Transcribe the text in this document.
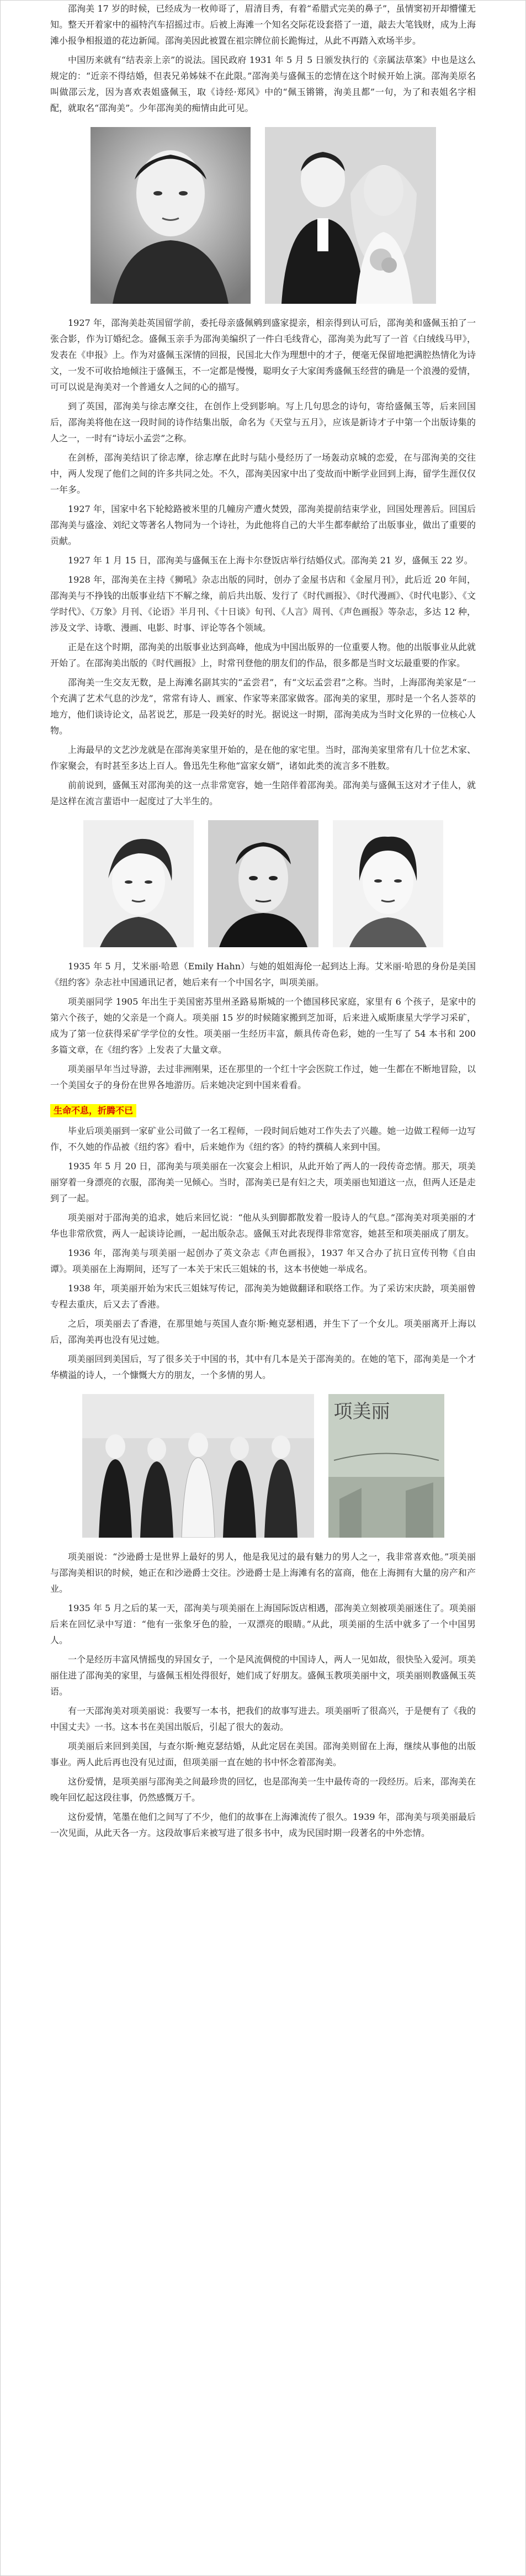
邵洵美 17 岁的时候，已经成为一枚帅哥了，眉清目秀，有着“希腊式完美的鼻子”，虽情窦初开却懵懂无知。整天开着家中的福特汽车招摇过市。后被上海滩一个知名交际花设套搭了一道，敲去大笔钱财，成为上海滩小报争相报道的花边新闻。邵洵美因此被置在祖宗牌位前长跪悔过，从此不再踏入欢场半步。

中国历来就有“结表亲上亲”的说法。国民政府 1931 年 5 月 5 日颁发执行的《亲属法草案》中也是这么规定的：“近亲不得结婚，但表兄弟姊妹不在此限。”邵洵美与盛佩玉的恋情在这个时候开始上演。邵洵美原名叫做邵云龙，因为喜欢表姐盛佩玉，取《诗经·郑风》中的“佩玉锵锵，洵美且都”一句，为了和表姐名字相配，就取名“邵洵美”。少年邵洵美的痴情由此可见。

1927 年，邵洵美赴英国留学前，委托母亲盛佩鹓到盛家提亲，相亲得到认可后，邵洵美和盛佩玉拍了一张合影，作为订婚纪念。盛佩玉亲手为邵洵美编织了一件白毛线背心，邵洵美为此写了一首《白绒线马甲》，发表在《申报》上。作为对盛佩玉深情的回报，民国北大作为理想中的才子，便毫无保留地把满腔热情化为诗文，一发不可收拾地倾注于盛佩玉，不一定都是慢慢，聪明女子大家闺秀盛佩玉经营的确是一个浪漫的爱情，可可以说是洵美对一个普通女人之间的心的描写。

到了英国，邵洵美与徐志摩交往，在创作上受到影响。写上几句思念的诗句，寄给盛佩玉等，后来回国后，邵洵美将他在这一段时间的诗作结集出版，命名为《天堂与五月》，应该是新诗才子中第一个出版诗集的人之一，一时有“诗坛小孟尝”之称。

在剑桥，邵洵美结识了徐志摩，徐志摩在此时与陆小曼经历了一场轰动京城的恋爱，在与邵洵美的交往中，两人发现了他们之间的许多共同之处。不久，邵洵美因家中出了变故而中断学业回到上海，留学生涯仅仅一年多。

1927 年，国家中名下轮鲶路被米里的几幢房产遭火焚毁，邵洵美提前结束学业，回国处理善后。回国后邵洵美与盛淦、刘纪文等著名人物同为一个诗社，为此他将自己的大半生都奉献给了出版事业，做出了重要的贡献。

1927 年 1 月 15 日，邵洵美与盛佩玉在上海卡尔登饭店举行结婚仪式。邵洵美 21 岁，盛佩玉 22 岁。

1928 年，邵洵美在主持《狮吼》杂志出版的同时，创办了金屋书店和《金屋月刊》，此后近 20 年间，邵洵美与不挣钱的出版事业结下不解之缘，前后共出版、发行了《时代画报》、《时代漫画》、《时代电影》、《文学时代》、《万象》月刊、《论语》半月刊、《十日谈》旬刊、《人言》周刊、《声色画报》等杂志，多达 12 种，涉及文学、诗歌、漫画、电影、时事、评论等各个领域。

正是在这个时期，邵洵美的出版事业达到高峰，他成为中国出版界的一位重要人物。他的出版事业从此就开始了。在邵洵美出版的《时代画报》上，时常刊登他的朋友们的作品，很多都是当时文坛最重要的作家。

邵洵美一生交友无数，是上海滩名副其实的“孟尝君”，有“文坛孟尝君”之称。当时，上海邵洵美家是“一个充满了艺术气息的沙龙”，常常有诗人、画家、作家等来邵家做客。邵洵美的家里，那时是一个名人荟萃的地方，他们谈诗论文，品茗说艺，那是一段美好的时光。据说这一时期，邵洵美成为当时文化界的一位核心人物。

上海最早的文艺沙龙就是在邵洵美家里开始的，是在他的家宅里。当时，邵洵美家里常有几十位艺术家、作家聚会，有时甚至多达上百人。鲁迅先生称他“富家女婿”，诸如此类的流言多不胜数。

前前说到，盛佩玉对邵洵美的这一点非常宽容，她一生陪伴着邵洵美。邵洵美与盛佩玉这对才子佳人，就是这样在流言蜚语中一起度过了大半生的。

1935 年 5 月，艾米丽·哈恩（Emily Hahn）与她的姐姐海伦一起到达上海。艾米丽·哈恩的身份是美国《纽约客》杂志社中国通讯记者，她后来有一个中国名字，叫项美丽。

项美丽同学 1905 年出生于美国密苏里州圣路易斯城的一个德国移民家庭，家里有 6 个孩子，是家中的第六个孩子，她的父亲是一个商人。项美丽 15 岁的时候随家搬到芝加哥，后来进入威斯康星大学学习采矿，成为了第一位获得采矿学学位的女性。项美丽一生经历丰富，颇具传奇色彩，她的一生写了 54 本书和 200 多篇文章，在《纽约客》上发表了大量文章。

项美丽早年当过导游，去过非洲刚果，还在那里的一个红十字会医院工作过，她一生都在不断地冒险，以一个美国女子的身份在世界各地游历。后来她决定到中国来看看。

生命不息，折腾不已

毕业后项美丽到一家矿业公司做了一名工程师，一段时间后她对工作失去了兴趣。她一边做工程师一边写作，不久她的作品被《纽约客》看中，后来她作为《纽约客》的特约撰稿人来到中国。

1935 年 5 月 20 日，邵洵美与项美丽在一次宴会上相识，从此开始了两人的一段传奇恋情。那天，项美丽穿着一身漂亮的衣服，邵洵美一见倾心。当时，邵洵美已是有妇之夫，项美丽也知道这一点，但两人还是走到了一起。

项美丽对于邵洵美的追求，她后来回忆说：“他从头到脚都散发着一股诗人的气息。”邵洵美对项美丽的才华也非常欣赏，两人一起谈诗论画，一起出版杂志。盛佩玉对此表现得非常宽容，她甚至和项美丽成了朋友。

1936 年，邵洵美与项美丽一起创办了英文杂志《声色画报》，1937 年又合办了抗日宣传刊物《自由谭》。项美丽在上海期间，还写了一本关于宋氏三姐妹的书，这本书使她一举成名。

1938 年，项美丽开始为宋氏三姐妹写传记，邵洵美为她做翻译和联络工作。为了采访宋庆龄，项美丽曾专程去重庆，后又去了香港。

之后，项美丽去了香港，在那里她与英国人查尔斯·鲍克瑟相遇，并生下了一个女儿。项美丽离开上海以后，邵洵美再也没有见过她。

项美丽回到美国后，写了很多关于中国的书，其中有几本是关于邵洵美的。在她的笔下，邵洵美是一个才华横溢的诗人，一个慷慨大方的朋友，一个多情的男人。

项美丽

项美丽说：“沙逊爵士是世界上最好的男人，他是我见过的最有魅力的男人之一，我非常喜欢他。”项美丽与邵洵美相识的时候，她正在和沙逊爵士交往。沙逊爵士是上海滩有名的富商，他在上海拥有大量的房产和产业。

1935 年 5 月之后的某一天，邵洵美与项美丽在上海国际饭店相遇，邵洵美立刻被项美丽迷住了。项美丽后来在回忆录中写道：“他有一张象牙色的脸，一双漂亮的眼睛。”从此，项美丽的生活中就多了一个中国男人。

一个是经历丰富风情摇曳的异国女子，一个是风流倜傥的中国诗人，两人一见如故，很快坠入爱河。项美丽住进了邵洵美的家里，与盛佩玉相处得很好，她们成了好朋友。盛佩玉教项美丽中文，项美丽则教盛佩玉英语。

有一天邵洵美对项美丽说：我要写一本书，把我们的故事写进去。项美丽听了很高兴，于是便有了《我的中国丈夫》一书。这本书在美国出版后，引起了很大的轰动。

项美丽后来回到美国，与查尔斯·鲍克瑟结婚，从此定居在美国。邵洵美则留在上海，继续从事他的出版事业。两人此后再也没有见过面，但项美丽一直在她的书中怀念着邵洵美。

这份爱情，是项美丽与邵洵美之间最珍贵的回忆，也是邵洵美一生中最传奇的一段经历。后来，邵洵美在晚年回忆起这段往事，仍然感慨万千。

这份爱情，笔墨在他们之间写了不少，他们的故事在上海滩流传了很久。1939 年，邵洵美与项美丽最后一次见面，从此天各一方。这段故事后来被写进了很多书中，成为民国时期一段著名的中外恋情。
